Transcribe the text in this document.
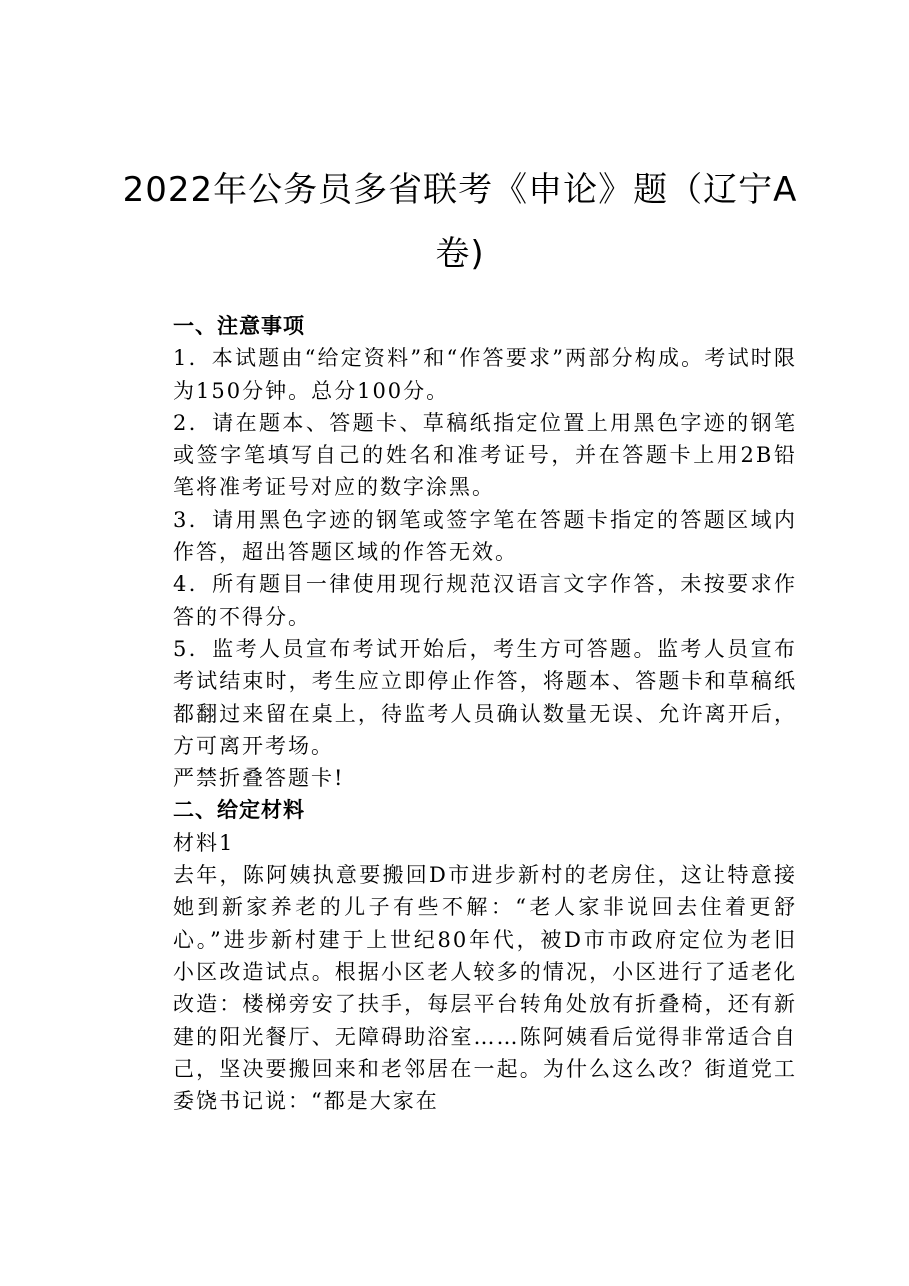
2022年公务员多省联考《申论》题（辽宁A卷)

一、注意事项

1．本试题由“给定资料”和“作答要求”两部分构成。考试时限为150分钟。总分100分。

2．请在题本、答题卡、草稿纸指定位置上用黑色字迹的钢笔或签字笔填写自己的姓名和准考证号，并在答题卡上用2B铅笔将准考证号对应的数字涂黑。

3．请用黑色字迹的钢笔或签字笔在答题卡指定的答题区域内作答，超出答题区域的作答无效。

4．所有题目一律使用现行规范汉语言文字作答，未按要求作答的不得分。

5．监考人员宣布考试开始后，考生方可答题。监考人员宣布考试结束时，考生应立即停止作答，将题本、答题卡和草稿纸都翻过来留在桌上，待监考人员确认数量无误、允许离开后，方可离开考场。

严禁折叠答题卡!

二、给定材料

材料1

去年，陈阿姨执意要搬回D市进步新村的老房住，这让特意接她到新家养老的儿子有些不解：“老人家非说回去住着更舒心。”进步新村建于上世纪80年代，被D市市政府定位为老旧小区改造试点。根据小区老人较多的情况，小区进行了适老化改造：楼梯旁安了扶手，每层平台转角处放有折叠椅，还有新建的阳光餐厅、无障碍助浴室……陈阿姨看后觉得非常适合自己，坚决要搬回来和老邻居在一起。为什么这么改？街道党工委饶书记说：“都是大家在
